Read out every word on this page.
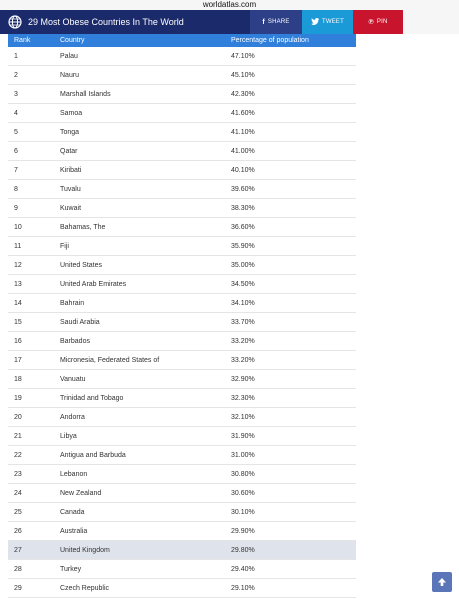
worldatlas.com
29 Most Obese Countries In The World	f SHARE	TWEET	℗ PIN
Rank	Country	Percentage of population
1	Palau	47.10%
2	Nauru	45.10%
3	Marshall Islands	42.30%
4	Samoa	41.60%
5	Tonga	41.10%
6	Qatar	41.00%
7	Kiribati	40.10%
8	Tuvalu	39.60%
9	Kuwait	38.30%
10	Bahamas, The	36.60%
11	Fiji	35.90%
12	United States	35.00%
13	United Arab Emirates	34.50%
14	Bahrain	34.10%
15	Saudi Arabia	33.70%
16	Barbados	33.20%
17	Micronesia, Federated States of	33.20%
18	Vanuatu	32.90%
19	Trinidad and Tobago	32.30%
20	Andorra	32.10%
21	Libya	31.90%
22	Antigua and Barbuda	31.00%
23	Lebanon	30.80%
24	New Zealand	30.60%
25	Canada	30.10%
26	Australia	29.90%
27	United Kingdom	29.80%
28	Turkey	29.40%
29	Czech Republic	29.10%
